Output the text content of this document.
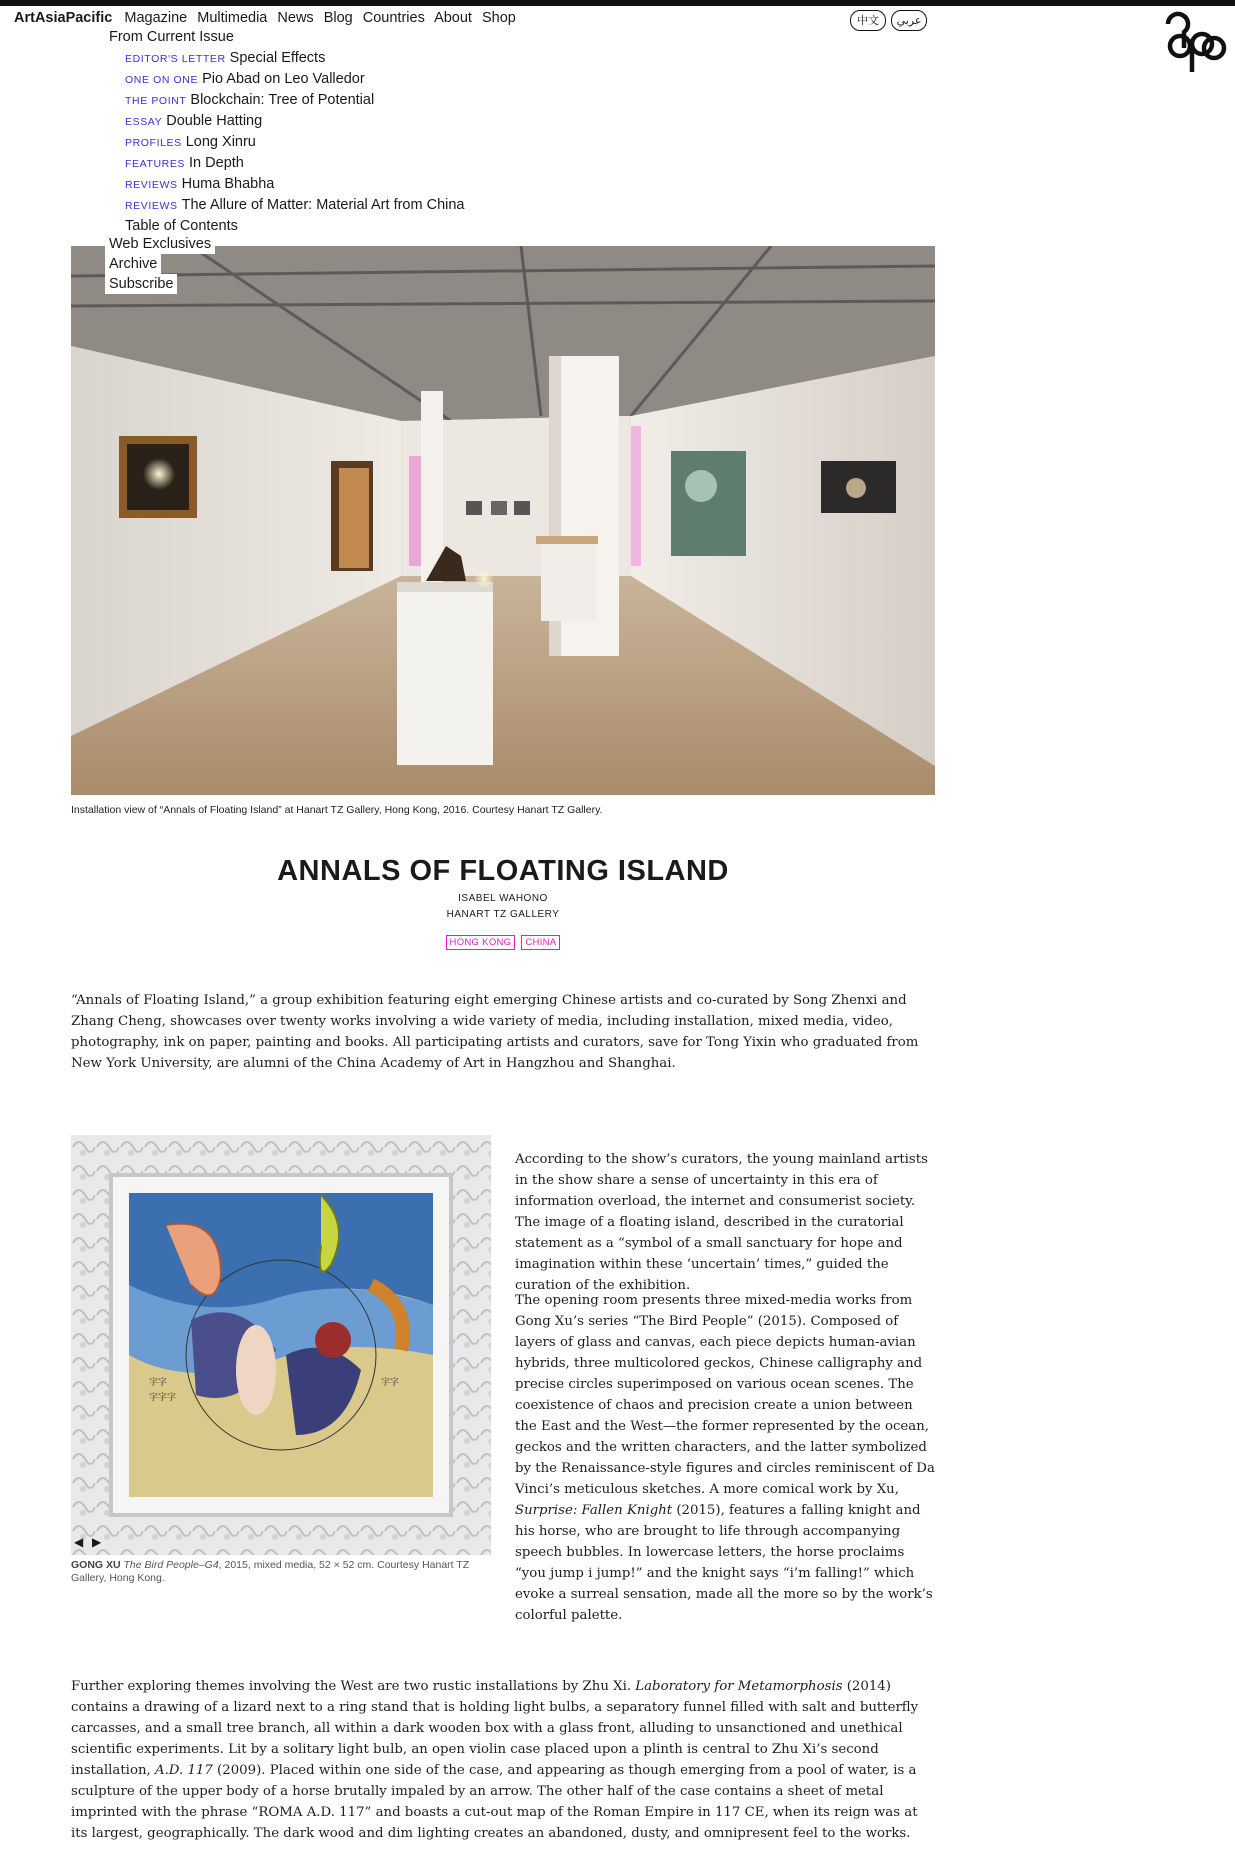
ArtAsiaPacific Magazine Multimedia News Blog Countries About Shop	中文	عربي
From Current Issue
EDITOR'S LETTER Special Effects
ONE ON ONE Pio Abad on Leo Valledor
THE POINT Blockchain: Tree of Potential
ESSAY Double Hatting
PROFILES Long Xinru
FEATURES In Depth
REVIEWS Huma Bhabha
REVIEWS The Allure of Matter: Material Art from China
Table of Contents
Web Exclusives
Archive
Subscribe
Installation view of “Annals of Floating Island” at Hanart TZ Gallery, Hong Kong, 2016. Courtesy Hanart TZ Gallery.
ANNALS OF FLOATING ISLAND
ISABEL WAHONO
HANART TZ GALLERY
HONG KONG CHINA
“Annals of Floating Island,” a group exhibition featuring eight emerging Chinese artists and co-curated by Song Zhenxi and Zhang Cheng, showcases over twenty works involving a wide variety of media, including installation, mixed media, video, photography, ink on paper, painting and books. All participating artists and curators, save for Tong Yixin who graduated from New York University, are alumni of the China Academy of Art in Hangzhou and Shanghai.
字字
字字字
字字
◀ ▶
GONG XU The Bird People–G4, 2015, mixed media, 52 × 52 cm. Courtesy Hanart TZ Gallery, Hong Kong.
According to the show’s curators, the young mainland artists in the show share a sense of uncertainty in this era of information overload, the internet and consumerist society. The image of a floating island, described in the curatorial statement as a “symbol of a small sanctuary for hope and imagination within these ‘uncertain’ times,” guided the curation of the exhibition.
The opening room presents three mixed-media works from Gong Xu’s series “The Bird People” (2015). Composed of layers of glass and canvas, each piece depicts human-avian hybrids, three multicolored geckos, Chinese calligraphy and precise circles superimposed on various ocean scenes. The coexistence of chaos and precision create a union between the East and the West—the former represented by the ocean, geckos and the written characters, and the latter symbolized by the Renaissance-style figures and circles reminiscent of Da Vinci’s meticulous sketches. A more comical work by Xu, Surprise: Fallen Knight (2015), features a falling knight and his horse, who are brought to life through accompanying speech bubbles. In lowercase letters, the horse proclaims “you jump i jump!” and the knight says “i’m falling!” which evoke a surreal sensation, made all the more so by the work’s colorful palette.
Further exploring themes involving the West are two rustic installations by Zhu Xi. Laboratory for Metamorphosis (2014) contains a drawing of a lizard next to a ring stand that is holding light bulbs, a separatory funnel filled with salt and butterfly carcasses, and a small tree branch, all within a dark wooden box with a glass front, alluding to unsanctioned and unethical scientific experiments. Lit by a solitary light bulb, an open violin case placed upon a plinth is central to Zhu Xi’s second installation, A.D. 117 (2009). Placed within one side of the case, and appearing as though emerging from a pool of water, is a sculpture of the upper body of a horse brutally impaled by an arrow. The other half of the case contains a sheet of metal imprinted with the phrase “ROMA A.D. 117” and boasts a cut-out map of the Roman Empire in 117 CE, when its reign was at its largest, geographically. The dark wood and dim lighting creates an abandoned, dusty, and omnipresent feel to the works.
